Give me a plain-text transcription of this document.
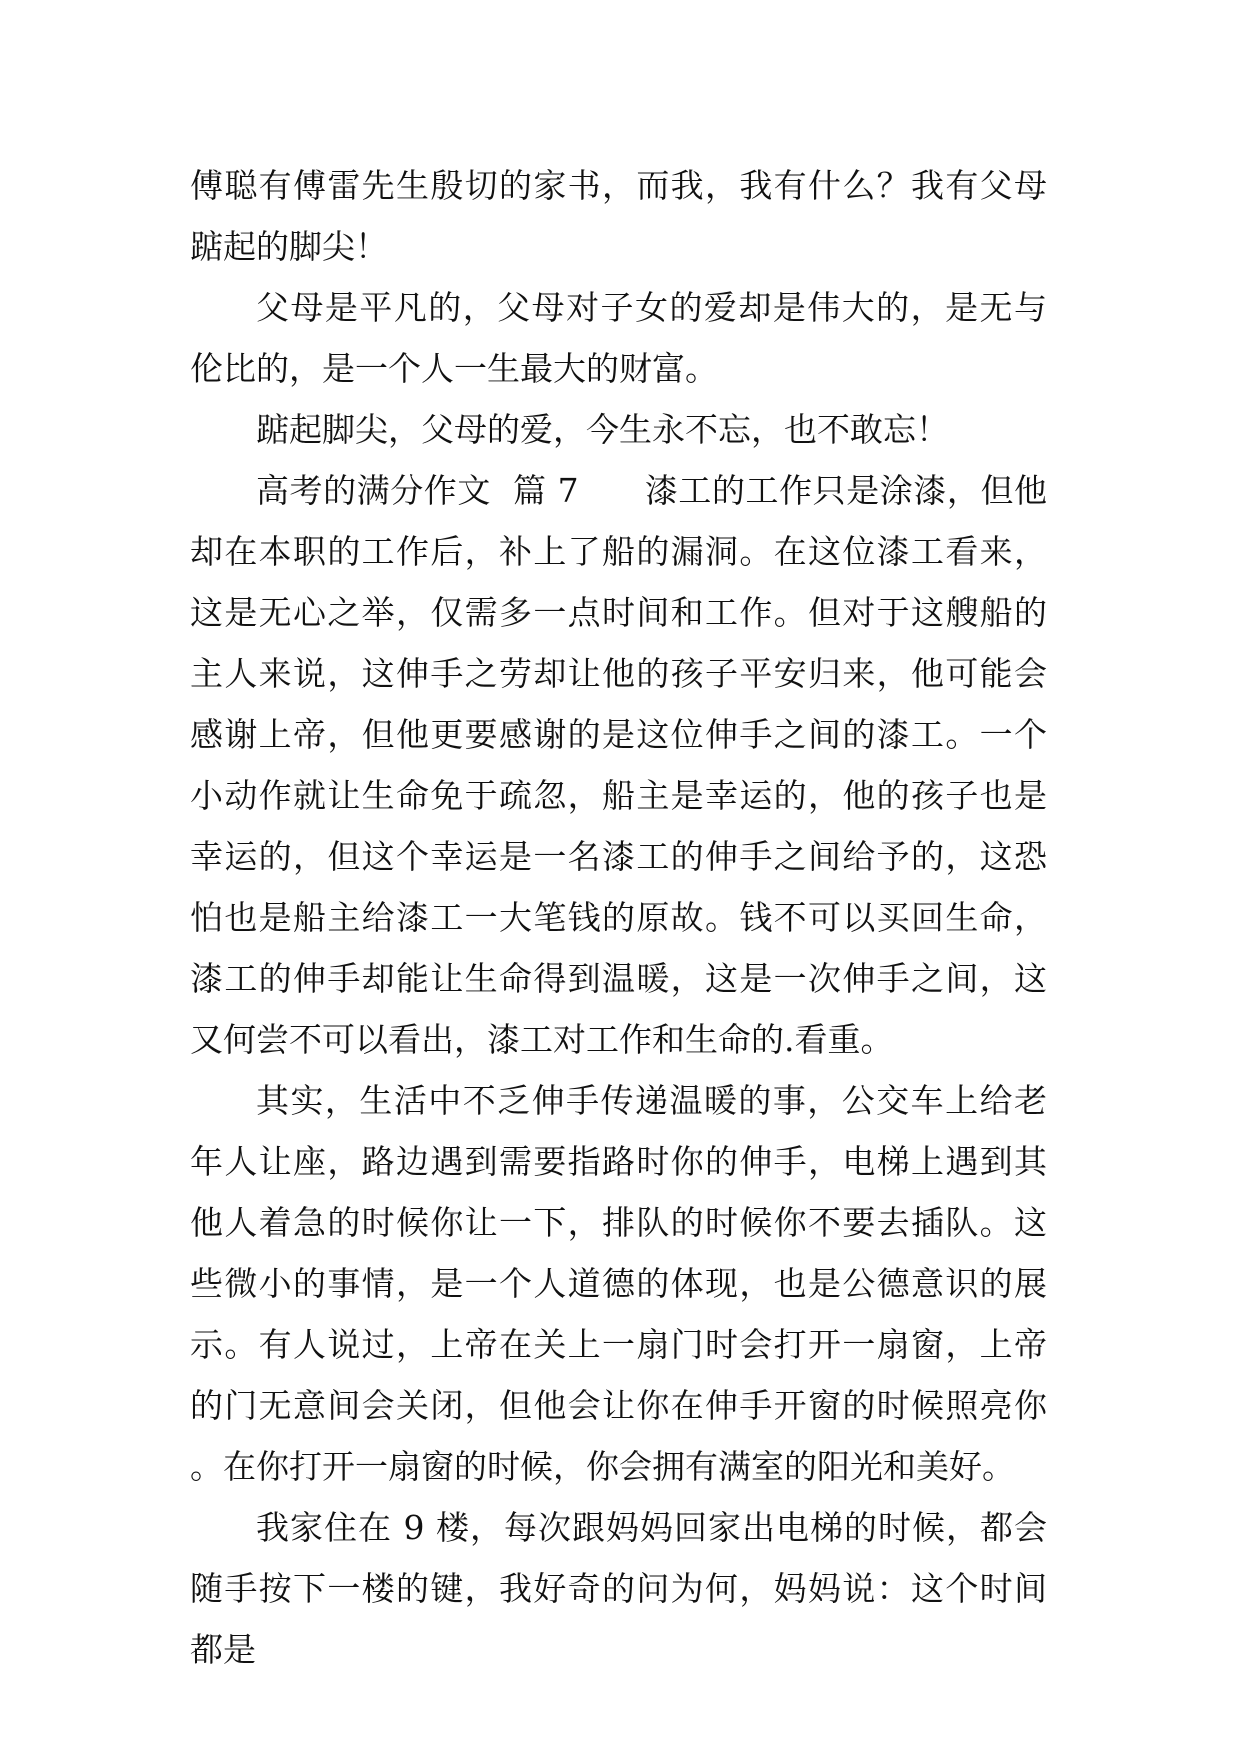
傅聪有傅雷先生殷切的家书，而我，我有什么？我有父母踮起的脚尖！

父母是平凡的，父母对子女的爱却是伟大的，是无与伦比的，是一个人一生最大的财富。

踮起脚尖，父母的爱，今生永不忘，也不敢忘！

高考的满分作文  篇 7      漆工的工作只是涂漆，但他却在本职的工作后，补上了船的漏洞。在这位漆工看来，这是无心之举，仅需多一点时间和工作。但对于这艘船的主人来说，这伸手之劳却让他的孩子平安归来，他可能会感谢上帝，但他更要感谢的是这位伸手之间的漆工。一个小动作就让生命免于疏忽，船主是幸运的，他的孩子也是幸运的，但这个幸运是一名漆工的伸手之间给予的，这恐怕也是船主给漆工一大笔钱的原故。钱不可以买回生命，漆工的伸手却能让生命得到温暖，这是一次伸手之间，这又何尝不可以看出，漆工对工作和生命的.看重。

其实，生活中不乏伸手传递温暖的事，公交车上给老年人让座，路边遇到需要指路时你的伸手，电梯上遇到其他人着急的时候你让一下，排队的时候你不要去插队。这些微小的事情，是一个人道德的体现，也是公德意识的展示。有人说过，上帝在关上一扇门时会打开一扇窗，上帝的门无意间会关闭，但他会让你在伸手开窗的时候照亮你。在你打开一扇窗的时候，你会拥有满室的阳光和美好。

我家住在 9 楼，每次跟妈妈回家出电梯的时候，都会随手按下一楼的键，我好奇的问为何，妈妈说：这个时间都是
